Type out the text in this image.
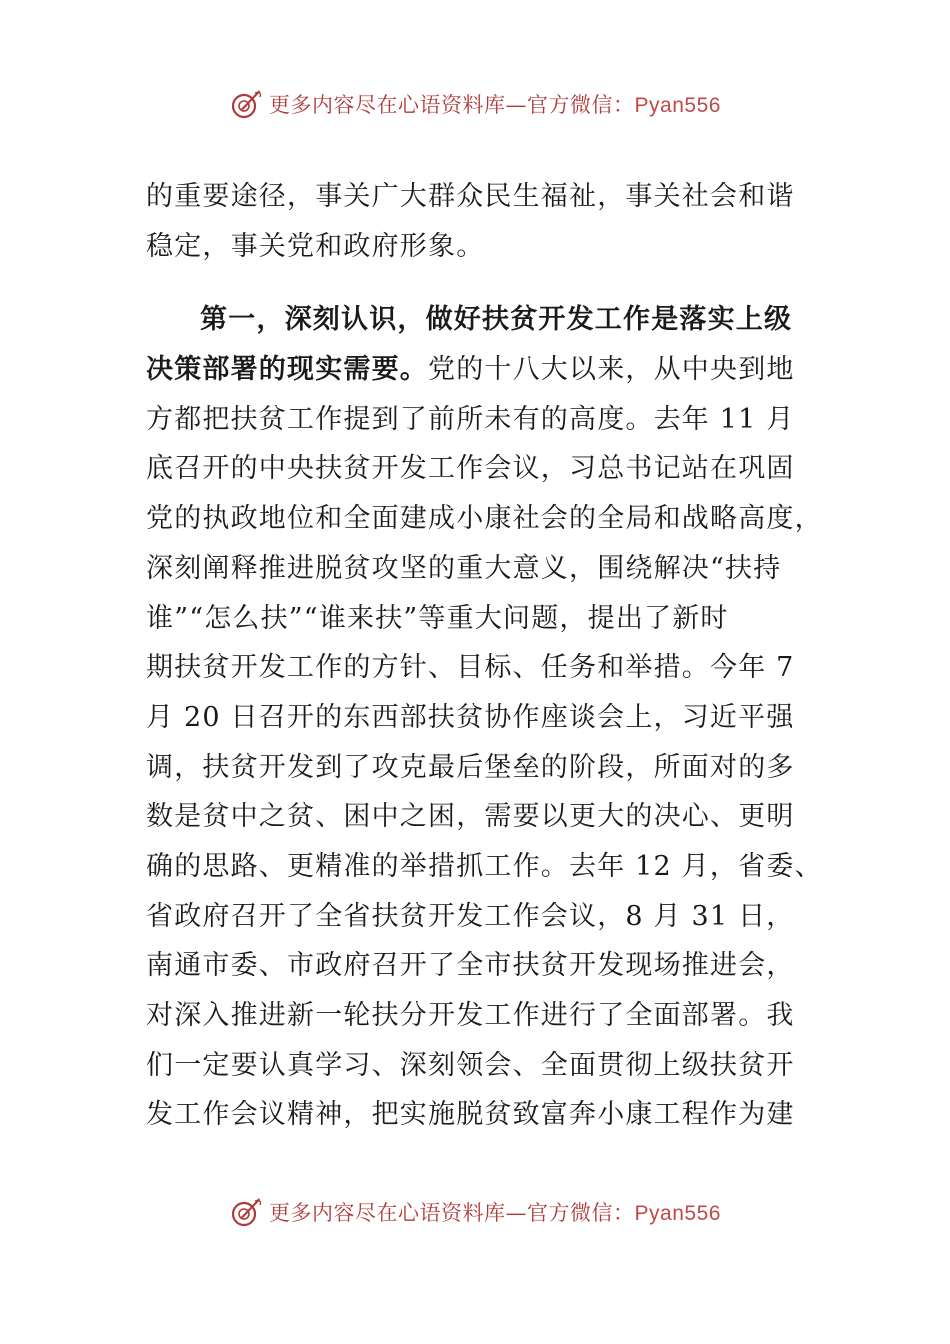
更多内容尽在心语资料库—官方微信：Pyan556
的重要途径，事关广大群众民生福祉，事关社会和谐
稳定，事关党和政府形象。
第一，深刻认识，做好扶贫开发工作是落实上级
决策部署的现实需要。党的十八大以来，从中央到地
方都把扶贫工作提到了前所未有的高度。去年 11 月
底召开的中央扶贫开发工作会议，习总书记站在巩固
党的执政地位和全面建成小康社会的全局和战略高度，
深刻阐释推进脱贫攻坚的重大意义，围绕解决“扶持
谁”“怎么扶”“谁来扶”等重大问题，提出了新时
期扶贫开发工作的方针、目标、任务和举措。今年 7
月 20 日召开的东西部扶贫协作座谈会上，习近平强
调，扶贫开发到了攻克最后堡垒的阶段，所面对的多
数是贫中之贫、困中之困，需要以更大的决心、更明
确的思路、更精准的举措抓工作。去年 12 月，省委、
省政府召开了全省扶贫开发工作会议，8 月 31 日，
南通市委、市政府召开了全市扶贫开发现场推进会，
对深入推进新一轮扶分开发工作进行了全面部署。我
们一定要认真学习、深刻领会、全面贯彻上级扶贫开
发工作会议精神，把实施脱贫致富奔小康工程作为建
更多内容尽在心语资料库—官方微信：Pyan556
